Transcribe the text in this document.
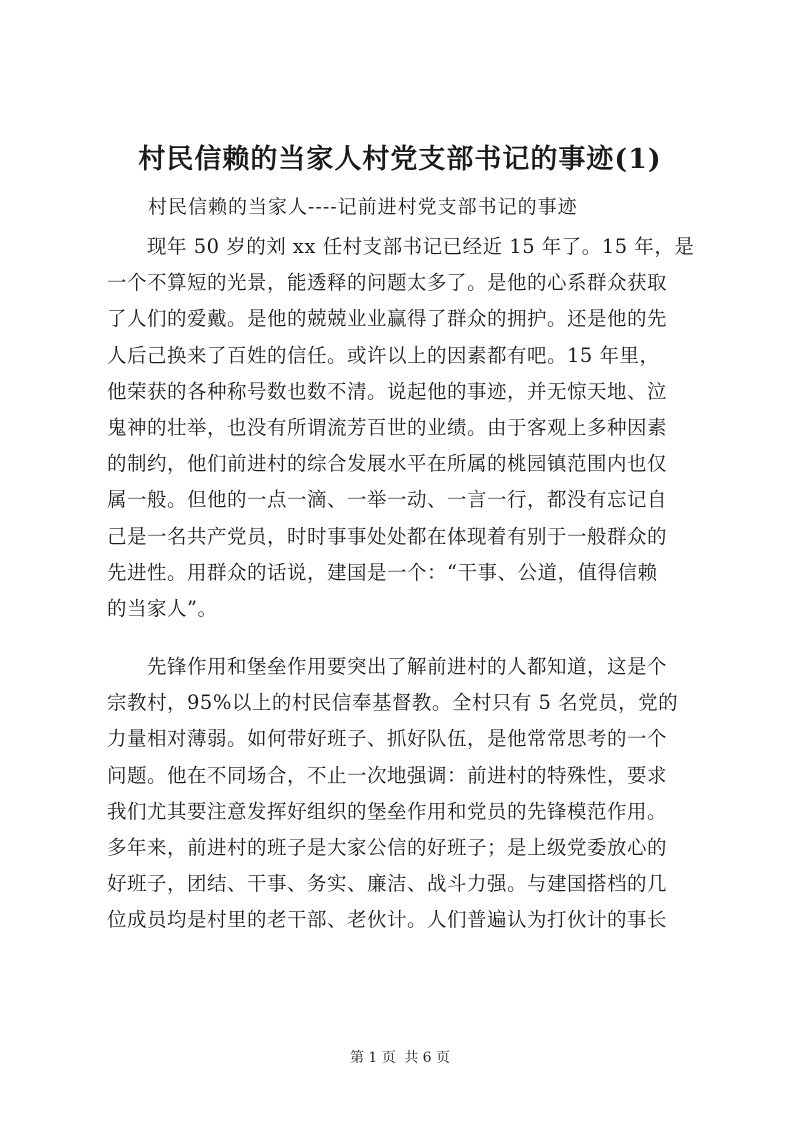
村民信赖的当家人村党支部书记的事迹(1)

村民信赖的当家人----记前进村党支部书记的事迹

　　现年 50 岁的刘 xx 任村支部书记已经近 15 年了。15 年，是
一个不算短的光景，能透释的问题太多了。是他的心系群众获取
了人们的爱戴。是他的兢兢业业赢得了群众的拥护。还是他的先
人后己换来了百姓的信任。或许以上的因素都有吧。15 年里，
他荣获的各种称号数也数不清。说起他的事迹，并无惊天地、泣
鬼神的壮举，也没有所谓流芳百世的业绩。由于客观上多种因素
的制约，他们前进村的综合发展水平在所属的桃园镇范围内也仅
属一般。但他的一点一滴、一举一动、一言一行，都没有忘记自
己是一名共产党员，时时事事处处都在体现着有别于一般群众的
先进性。用群众的话说，建国是一个：“干事、公道，值得信赖
的当家人”。
　　先锋作用和堡垒作用要突出了解前进村的人都知道，这是个
宗教村，95%以上的村民信奉基督教。全村只有 5 名党员，党的
力量相对薄弱。如何带好班子、抓好队伍，是他常常思考的一个
问题。他在不同场合，不止一次地强调：前进村的特殊性，要求
我们尤其要注意发挥好组织的堡垒作用和党员的先锋模范作用。
多年来，前进村的班子是大家公信的好班子；是上级党委放心的
好班子，团结、干事、务实、廉洁、战斗力强。与建国搭档的几
位成员均是村里的老干部、老伙计。人们普遍认为打伙计的事长
第 1 页 共 6 页
